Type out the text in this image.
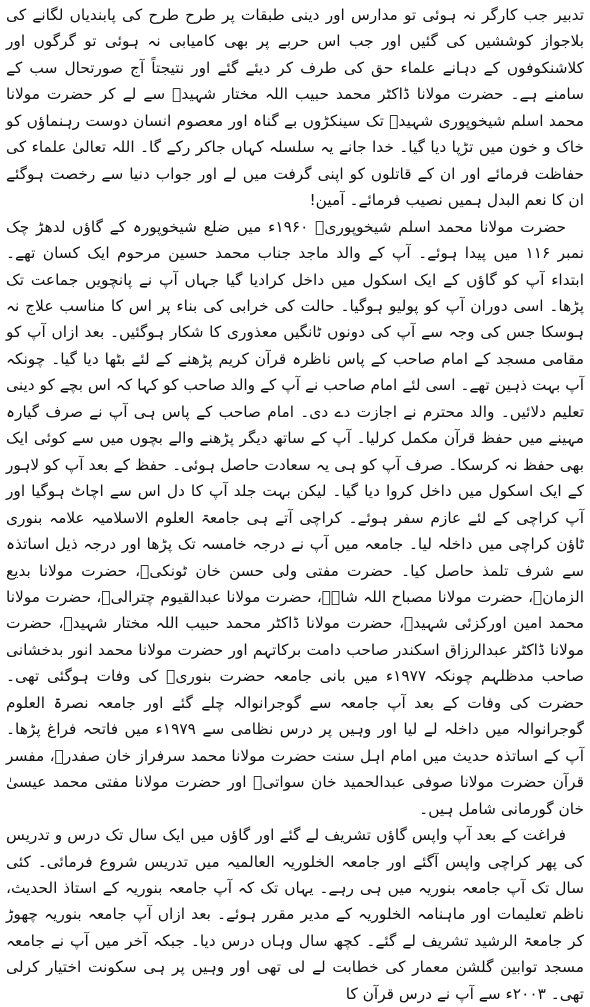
تدبیر جب کارگر نہ ہوئی تو مدارس اور دینی طبقات پر طرح طرح کی پابندیاں لگانے کی بلاجواز کوششیں کی گئیں اور جب اس حربے پر بھی کامیابی نہ ہوئی تو گرگوں اور کلاشنکوفوں کے دہانے علماء حق کی طرف کر دیئے گئے اور نتیجتاً آج صورتحال سب کے سامنے ہے۔ حضرت مولانا ڈاکٹر محمد حبیب اللہ مختار شہیدؒ سے لے کر حضرت مولانا محمد اسلم شیخوپوری شہیدؒ تک سینکڑوں بے گناہ اور معصوم انسان دوست رہنماؤں کو خاک و خون میں تڑپا دیا گیا۔ خدا جانے یہ سلسلہ کہاں جاکر رکے گا۔ اللہ تعالیٰ علماء کی حفاظت فرمائے اور ان کے قاتلوں کو اپنی گرفت میں لے اور جواب دنیا سے رخصت ہوگئے ان کا نعم البدل ہمیں نصیب فرمائے۔ آمین!

حضرت مولانا محمد اسلم شیخوپوریؒ ۱۹۶۰ء میں ضلع شیخوپورہ کے گاؤں لدھڑ چک نمبر ۱۱۶ میں پیدا ہوئے۔ آپ کے والد ماجد جناب محمد حسین مرحوم ایک کسان تھے۔ ابتداء آپ کو گاؤں کے ایک اسکول میں داخل کرادیا گیا جہاں آپ نے پانچویں جماعت تک پڑھا۔ اسی دوران آپ کو پولیو ہوگیا۔ حالت کی خرابی کی بناء پر اس کا مناسب علاج نہ ہوسکا جس کی وجہ سے آپ کی دونوں ٹانگیں معذوری کا شکار ہوگئیں۔ بعد ازاں آپ کو مقامی مسجد کے امام صاحب کے پاس ناظرہ قرآن کریم پڑھنے کے لئے بٹھا دیا گیا۔ چونکہ آپ بہت ذہین تھے۔ اسی لئے امام صاحب نے آپ کے والد صاحب کو کہا کہ اس بچے کو دینی تعلیم دلائیں۔ والد محترم نے اجازت دے دی۔ امام صاحب کے پاس ہی آپ نے صرف گیارہ مہینے میں حفظ قرآن مکمل کرلیا۔ آپ کے ساتھ دیگر پڑھنے والے بچوں میں سے کوئی ایک بھی حفظ نہ کرسکا۔ صرف آپ کو ہی یہ سعادت حاصل ہوئی۔ حفظ کے بعد آپ کو لاہور کے ایک اسکول میں داخل کروا دیا گیا۔ لیکن بہت جلد آپ کا دل اس سے اچاٹ ہوگیا اور آپ کراچی کے لئے عازم سفر ہوئے۔ کراچی آتے ہی جامعۃ العلوم الاسلامیہ علامہ بنوری ٹاؤن کراچی میں داخلہ لیا۔ جامعہ میں آپ نے درجہ خامسہ تک پڑھا اور درجہ ذیل اساتذہ سے شرف تلمذ حاصل کیا۔ حضرت مفتی ولی حسن خان ٹونکیؒ، حضرت مولانا بدیع الزمانؒ، حضرت مولانا مصباح اللہ شاہؒ، حضرت مولانا عبدالقیوم چترالیؒ، حضرت مولانا محمد امین اورکزئی شہیدؒ، حضرت مولانا ڈاکٹر محمد حبیب اللہ مختار شہیدؒ، حضرت مولانا ڈاکٹر عبدالرزاق اسکندر صاحب دامت برکاتہم اور حضرت مولانا محمد انور بدخشانی صاحب مدظلہم چونکہ ۱۹۷۷ء میں بانی جامعہ حضرت بنوریؒ کی وفات ہوگئی تھی۔ حضرت کی وفات کے بعد آپ جامعہ سے گوجرانوالہ چلے گئے اور جامعہ نصرۃ العلوم گوجرانوالہ میں داخلہ لے لیا اور وہیں پر درس نظامی سے ۱۹۷۹ء میں فاتحہ فراغ پڑھا۔ آپ کے اساتذہ حدیث میں امام اہل سنت حضرت مولانا محمد سرفراز خان صفدرؒ، مفسر قرآن حضرت مولانا صوفی عبدالحمید خان سواتیؒ اور حضرت مولانا مفتی محمد عیسیٰ خان گورمانی شامل ہیں۔

فراغت کے بعد آپ واپس گاؤں تشریف لے گئے اور گاؤں میں ایک سال تک درس و تدریس کی پھر کراچی واپس آگئے اور جامعہ الخلوریہ العالمیہ میں تدریس شروع فرمائی۔ کئی سال تک آپ جامعہ بنوریہ میں ہی رہے۔ یہاں تک کہ آپ جامعہ بنوریہ کے استاذ الحدیث، ناظم تعلیمات اور ماہنامہ الخلوریہ کے مدیر مقرر ہوئے۔ بعد ازاں آپ جامعہ بنوریہ چھوڑ کر جامعۃ الرشید تشریف لے گئے۔ کچھ سال وہاں درس دیا۔ جبکہ آخر میں آپ نے جامعہ مسجد توابین گلشن معمار کی خطابت لے لی تھی اور وہیں پر ہی سکونت اختیار کرلی تھی۔ ۲۰۰۳ء سے آپ نے درس قرآن کا
